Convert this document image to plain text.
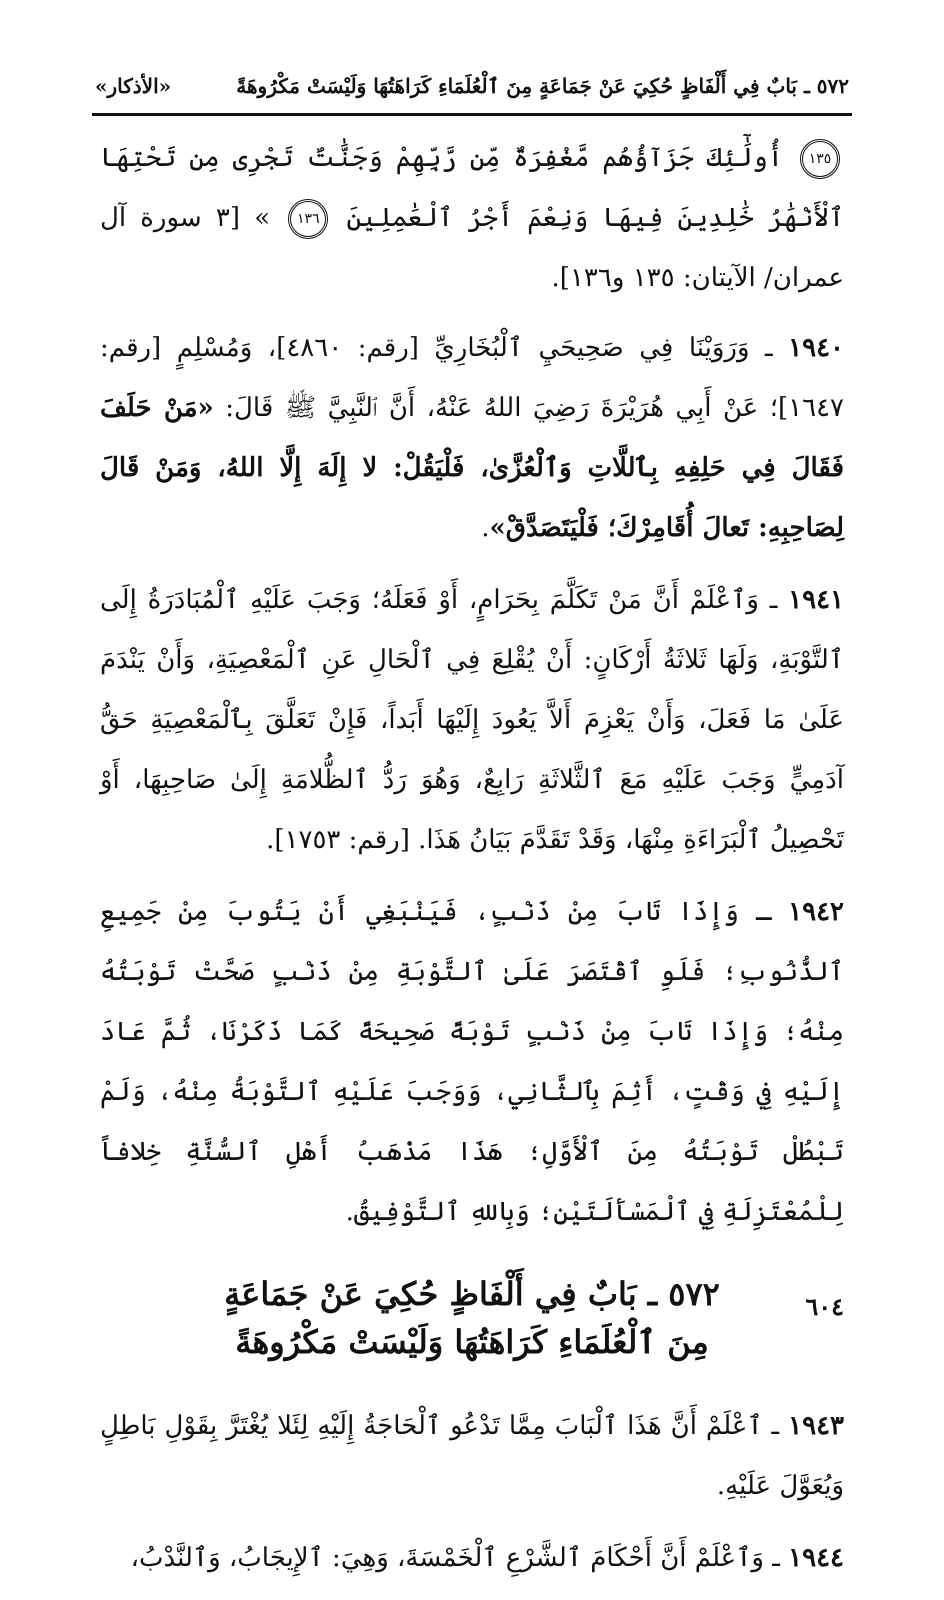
٥٧٢ ـ بَابٌ فِي أَلْفَاظٍ حُكِيَ عَنْ جَمَاعَةٍ مِنَ ٱلْعُلَمَاءِ كَرَاهَتُهَا وَلَيْسَتْ مَكْرُوهَةً
«الأذكار»
١٣٥ أُولَٰٓئِكَ جَزَآؤُهُم مَّغْفِرَةٌ مِّن رَّبِّهِمْ وَجَنَّٰتٌ تَجْرِى مِن تَحْتِهَا ٱلْأَنْهَٰرُ خَٰلِدِينَ فِيهَا وَنِعْمَ أَجْرُ ٱلْعَٰمِلِينَ ١٣٦ » [٣ سورة آل عمران/ الآيتان: ١٣٥ و١٣٦].

١٩٤٠ ـ وَرَوَيْنَا فِي صَحِيحَيِ ٱلْبُخَارِيِّ [رقم: ٤٨٦٠]، وَمُسْلِمٍ [رقم: ١٦٤٧]؛ عَنْ أَبِي هُرَيْرَةَ رَضِيَ اللهُ عَنْهُ، أَنَّ ٱلنَّبِيَّ ﷺ قَالَ: «مَنْ حَلَفَ فَقَالَ فِي حَلِفِهِ بِٱللَّاتِ وَٱلْعُزَّىٰ، فَلْيَقُلْ: لا إِلَهَ إِلَّا اللهُ، وَمَنْ قَالَ لِصَاحِبِهِ: تَعالَ أُقَامِرْكَ؛ فَلْيَتَصَدَّقْ».

١٩٤١ ـ وَٱعْلَمْ أَنَّ مَنْ تَكَلَّمَ بِحَرَامٍ، أَوْ فَعَلَهُ؛ وَجَبَ عَلَيْهِ ٱلْمُبَادَرَةُ إِلَى ٱلتَّوْبَةِ، وَلَهَا ثَلاثَةُ أَرْكَانٍ: أَنْ يُقْلِعَ فِي ٱلْحَالِ عَنِ ٱلْمَعْصِيَةِ، وَأَنْ يَنْدَمَ عَلَىٰ مَا فَعَلَ، وَأَنْ يَعْزِمَ أَلاَّ يَعُودَ إِلَيْهَا أَبَداً، فَإِنْ تَعَلَّقَ بِٱلْمَعْصِيَةِ حَقُّ آدَمِيٍّ وَجَبَ عَلَيْهِ مَعَ ٱلثَّلاثَةِ رَابِعٌ، وَهُوَ رَدُّ ٱلظُّلامَةِ إِلَىٰ صَاحِبِهَا، أَوْ تَحْصِيلُ ٱلْبَرَاءَةِ مِنْهَا، وَقَدْ تَقَدَّمَ بَيَانُ هَذَا. [رقم: ١٧٥٣].

١٩٤٢ ـ وَإِذَا تَابَ مِنْ ذَنْبٍ، فَيَنْبَغِي أَنْ يَتُوبَ مِنْ جَمِيعِ ٱلذُّنُوبِ؛ فَلَوِ ٱقْتَصَرَ عَلَىٰ ٱلتَّوْبَةِ مِنْ ذَنْبٍ صَحَّتْ تَوْبَتُهُ مِنْهُ؛ وَإِذَا تَابَ مِنْ ذَنْبٍ تَوْبَةً صَحِيحَةً كَمَا ذَكَرْنَا، ثُمَّ عَادَ إِلَيْهِ فِي وَقْتٍ، أَثِمَ بِٱلثَّانِي، وَوَجَبَ عَلَيْهِ ٱلتَّوْبَةُ مِنْهُ، وَلَمْ تَبْطُلْ تَوْبَتُهُ مِنَ ٱلْأَوَّلِ؛ هَذَا مَذْهَبُ أَهْلِ ٱلسُّنَّةِ خِلافاً لِلْمُعْتَزِلَةِ فِي ٱلْمَسْأَلَتَيْنِ؛ وَبِاللهِ ٱلتَّوْفِيقُ.

٥٧٢ ـ بَابٌ فِي أَلْفَاظٍ حُكِيَ عَنْ جَمَاعَةٍ
مِنَ ٱلْعُلَمَاءِ كَرَاهَتُهَا وَلَيْسَتْ مَكْرُوهَةً

١٩٤٣ ـ ٱعْلَمْ أَنَّ هَذَا ٱلْبَابَ مِمَّا تَدْعُو ٱلْحَاجَةُ إِلَيْهِ لِئَلا يُغْتَرَّ بِقَوْلِ بَاطِلٍ وَيُعَوَّلَ عَلَيْهِ.

١٩٤٤ ـ وَٱعْلَمْ أَنَّ أَحْكَامَ ٱلشَّرْعِ ٱلْخَمْسَةَ، وَهِيَ: ٱلإِيجَابُ، وَٱلنَّدْبُ،

٦٠٤
